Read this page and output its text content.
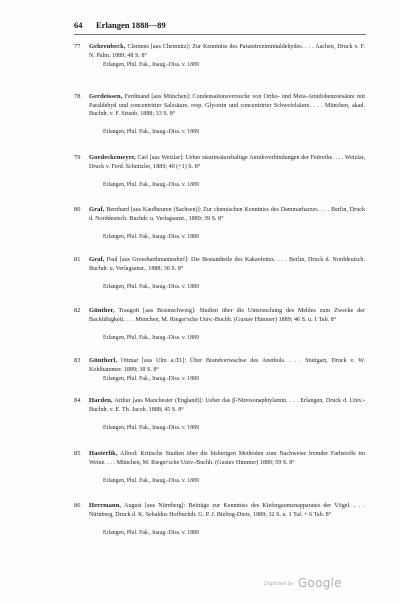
64 Erlangen 1888—89
77	Gehrenbeck, Clemens [aus Chemnitz]: Zur Kenntniss des Paranitrozimmtaldehydes. . . . Aachen, Druck v. F. N. Palm. 1889; 48 S. 8°
Erlangen, Phil. Fak., Inaug.-Diss. v. 1889
78	Gerdeissen, Ferdinand [aus München]: Condensationsversuche von Ortho- und Meta-Amidobenzoësäure mit Paraldehyd und concentrirter Salzsäure, resp. Glycerin und concentrirter Schwefelsäure. . . . München, akad. Buchdr. v. F. Straub, 1888; 33 S. 8°
Erlangen, Phil. Fak., Inaug.-Diss. v. 1889
79	Goedeckemeyer, Carl [aus Wetzlar]: Ueber stearinsäurehaltige Amidoverbindungen der Fettreihe. . . . Wetzlar, Druck v. Ferd. Schnitzler, 1889; 40 (+1) S. 8°
Erlangen, Phil. Fak., Inaug.-Diss. v. 1889
80	Graf, Bernhard [aus Kaufbeuren (Sachsen)]: Zur chemischen Kenntniss des Dammarharzes. . . . Berlin, Druck d. Norddeutsch. Buchdr. u. Verlagsanst., 1889; 39 S. 8°
Erlangen, Phil. Fak., Inaug.-Diss. v. 1889
81	Graf, Paul [aus Grossharthmannsdorf]: Die Bestandteile des Kakaofettes. . . . Berlin, Druck d. Norddeutsch. Buchdr. u. Verlagsanst., 1888; 30 S. 8°
Erlangen, Phil. Fak., Inaug.-Diss. v. 1889
82	Günther, Traugott [aus Braunschweig]: Studien über die Untersuchung des Mehles zum Zwecke der Backfähigkeit. . . . München, M. Rieger'sche Univ.-Buchh. (Gustav Himmer) 1889; 46 S. u. 1 Tab. 8°
Erlangen, Phil. Fak., Inaug.-Diss. v. 1889
83	Güntherl, Ottmar [aus Ulm a./D.]: Über Brandverwachse des Anethols. . . . Stuttgart, Druck v. W. Kohlhammer. 1889; 38 S. 8°
Erlangen, Phil. Fak., Inaug.-Diss. v. 1889
84	Harden, Arthur [aus Manchester (England)]: Ueber das β-Nitrosonaphtylamin. . . . Erlangen, Druck d. Univ.-Buchdr. v. E. Th. Jacob. 1888; 45 S. 8°
Erlangen, Phil. Fak., Inaug.-Diss. v. 1889
85	Hasterlik, Alfred: Kritische Studien über die bisherigen Methoden zum Nachweise fremder Farbstoffe im Weine. . . . München, M. Rieger'sche Univ.-Buchh. (Gustav Himmer) 1889; 59 S. 8°
Erlangen, Phil. Fak., Inaug.-Diss. v. 1889
86	Herrmann, August [aus Nürnberg]: Beiträge zur Kenntniss des Kiefergaumenapparates der Vögel. . . . Nürnberg, Druck d. K. Sebaldus Hofbuchdr. G. P. J. Bieling-Dietz, 1889; 32 S. u. 1 Taf. + 6 Tab. 8°
Erlangen, Phil. Fak., Inaug.-Diss. v. 1889
Digitized by Google
